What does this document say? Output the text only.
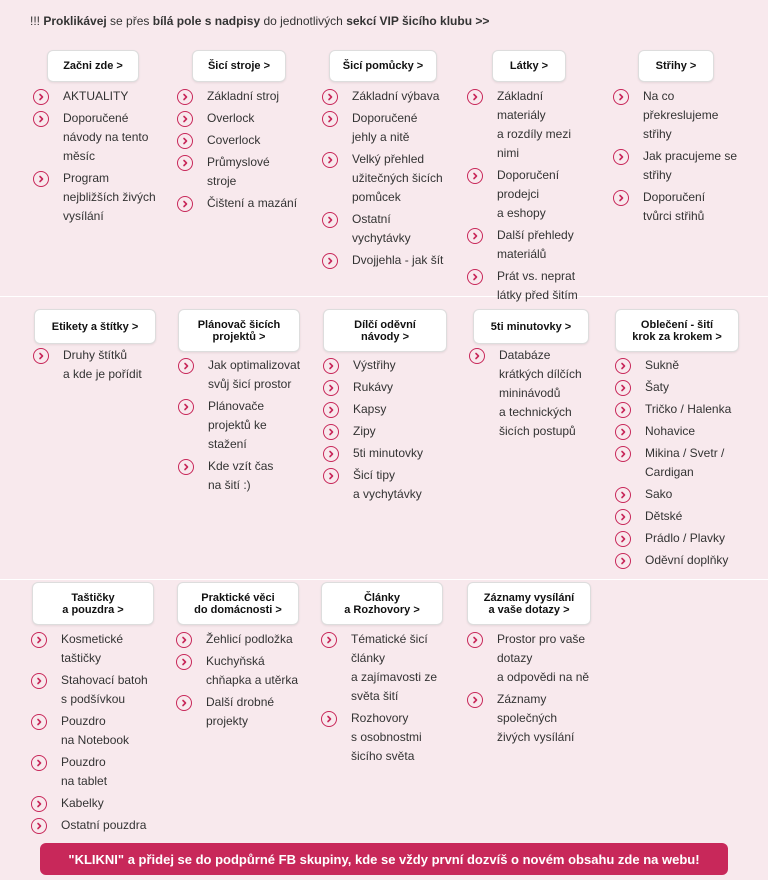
!!! Proklikávej se přes bílá pole s nadpisy do jednotlivých sekcí VIP šicího klubu >>
Začni zde >
AKTUALITY
Doporučené
návody na tento
měsíc
Program
nejbližších živých
vysílání
Šicí stroje >
Základní stroj
Overlock
Coverlock
Průmyslové
stroje
Čištení a mazání
Šicí pomůcky >
Základní výbava
Doporučené
jehly a nitě
Velký přehled
užitečných šicích
pomůcek
Ostatní
vychytávky
Dvojjehla - jak šít
Látky >
Základní
materiály
a rozdíly mezi
nimi
Doporučení
prodejci
a eshopy
Další přehledy
materiálů
Prát vs. neprat
látky před šitím
Střihy >
Na co
překreslujeme
střihy
Jak pracujeme se
střihy
Doporučení
tvůrci střihů
Etikety a štítky >
Druhy štítků
a kde je pořídit
Plánovač šicích
projektů >
Jak optimalizovat
svůj šicí prostor
Plánovače
projektů ke
stažení
Kde vzít čas
na šití :)
Dílčí oděvní
návody >
Výstřihy
Rukávy
Kapsy
Zipy
5ti minutovky
Šicí tipy
a vychytávky
5ti minutovky >
Databáze
krátkých dílčích
mininávodů
a technických
šicích postupů
Oblečení - šití
krok za krokem >
Sukně
Šaty
Tričko / Halenka
Nohavice
Mikina / Svetr /
Cardigan
Sako
Dětské
Prádlo / Plavky
Oděvní doplňky
Taštičky
a pouzdra >
Kosmetické
taštičky
Stahovací batoh
s podšívkou
Pouzdro
na Notebook
Pouzdro
na tablet
Kabelky
Ostatní pouzdra
Praktické věci
do domácnosti >
Žehlicí podložka
Kuchyňská
chňapka a utěrka
Další drobné
projekty
Články
a Rozhovory >
Tématické šicí
články
a zajímavosti ze
světa šití
Rozhovory
s osobnostmi
šicího světa
Záznamy vysílání
a vaše dotazy >
Prostor pro vaše
dotazy
a odpovědi na ně
Záznamy
společných
živých vysílání
"KLIKNI" a přidej se do podpůrné FB skupiny, kde se vždy první dozvíš o novém obsahu zde na webu!
